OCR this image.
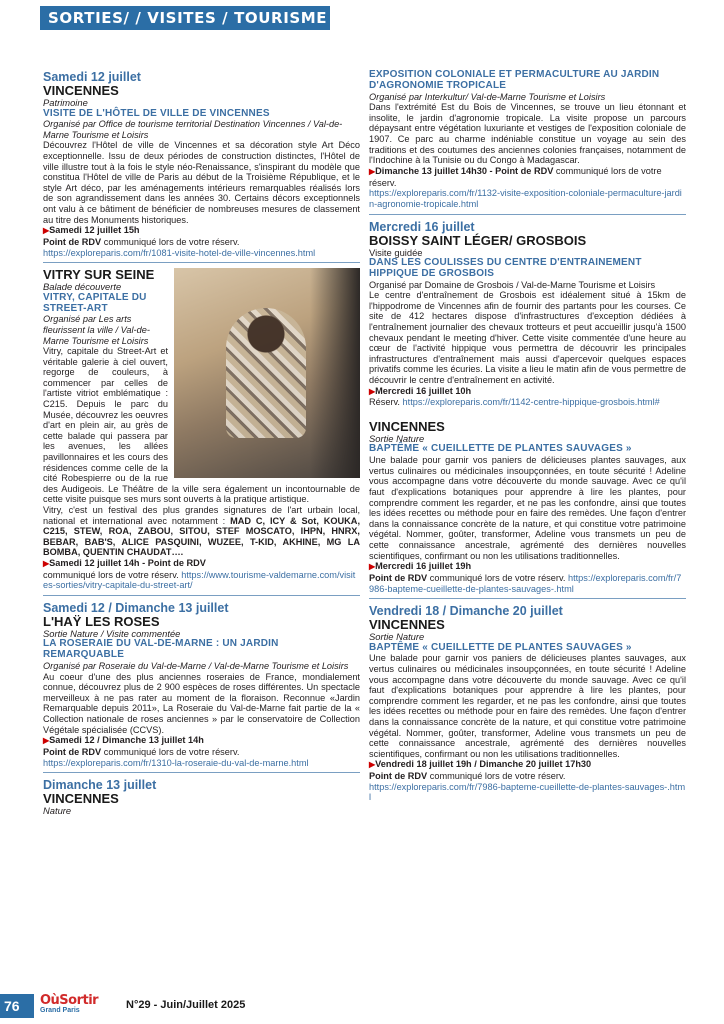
SORTIES/ / VISITES / TOURISME
Samedi 12 juillet
VINCENNES
Patrimoine
VISITE DE L'HÔTEL DE VILLE DE VINCENNES
Organisé par Office de tourisme territorial Destination Vincennes / Val-de-Marne Tourisme et Loisirs
Découvrez l'Hôtel de ville de Vincennes et sa décoration style Art Déco exceptionnelle. Issu de deux périodes de construction distinctes, l'Hôtel de ville illustre tout à la fois le style néo-Renaissance, s'inspirant du modèle que constitua l'Hôtel de ville de Paris au début de la Troisième République, et le style Art déco, par les aménagements intérieurs remarquables réalisés lors de son agrandissement dans les années 30. Certains décors exceptionnels ont valu à ce bâtiment de bénéficier de nombreuses mesures de classement au titre des Monuments historiques.
▶Samedi 12 juillet 15h
Point de RDV communiqué lors de votre réserv.
https://exploreparis.com/fr/1081-visite-hotel-de-ville-vincennes.html
VITRY SUR SEINE
Balade découverte
VITRY, CAPITALE DU STREET-ART
Organisé par Les arts fleurissent la ville / Val-de-Marne Tourisme et Loisirs
Vitry, capitale du Street-Art et véritable galerie à ciel ouvert, regorge de couleurs, à commencer par celles de l'artiste vitriot emblématique : C215. Depuis le parc du Musée, découvrez les oeuvres d'art en plein air, au grès de cette balade qui passera par les avenues, les allées pavillonnaires et les cours des résidences comme celle de la cité Robespierre ou de la rue des Audigeois. Le Théâtre de la ville sera également un incontournable de cette visite puisque ses murs sont ouverts à la pratique artistique.
Vitry, c'est un festival des plus grandes signatures de l'art urbain local, national et international avec notamment : MAD C, ICY & Sot, KOUKA, C215, STEW, ROA, ZABOU, SITOU, STEF MOSCATO, IHPN, HNRX, BEBAR, BAB'S, ALICE PASQUINI, WUZEE, T-KID, AKHINE, MG LA BOMBA, QUENTIN CHAUDAT….
▶Samedi 12 juillet 14h - Point de RDV
communiqué lors de votre réserv. https://www.tourisme-valdemarne.com/visites-sorties/vitry-capitale-du-street-art/
Samedi 12 / Dimanche 13 juillet
L'HAŸ LES ROSES
Sortie Nature / Visite commentée
LA ROSERAIE DU VAL-DE-MARNE : UN JARDIN REMARQUABLE
Organisé par Roseraie du Val-de-Marne / Val-de-Marne Tourisme et Loisirs
Au coeur d'une des plus anciennes roseraies de France, mondialement connue, découvrez plus de 2 900 espèces de roses différentes. Un spectacle merveilleux à ne pas rater au moment de la floraison. Reconnue «Jardin Remarquable depuis 2011», La Roseraie du Val-de-Marne fait partie de la « Collection nationale de roses anciennes » par le conservatoire de Collection Végétale spécialisée (CCVS).
▶Samedi 12 / Dimanche 13 juillet 14h
Point de RDV communiqué lors de votre réserv.
https://exploreparis.com/fr/1310-la-roseraie-du-val-de-marne.html
Dimanche 13 juillet
VINCENNES
Nature
EXPOSITION COLONIALE ET PERMACULTURE AU JARDIN D'AGRONOMIE TROPICALE
Organisé par Interkultur/ Val-de-Marne Tourisme et Loisirs
Dans l'extrémité Est du Bois de Vincennes, se trouve un lieu étonnant et insolite, le jardin d'agronomie tropicale. La visite propose un parcours dépaysant entre végétation luxuriante et vestiges de l'exposition coloniale de 1907. Ce parc au charme indéniable constitue un voyage au sein des traditions et des coutumes des anciennes colonies françaises, notamment de l'Indochine à la Tunisie ou du Congo à Madagascar.
▶Dimanche 13 juillet 14h30 - Point de RDV communiqué lors de votre réserv.
https://exploreparis.com/fr/1132-visite-exposition-coloniale-permaculture-jardin-agronomie-tropicale.html
Mercredi 16 juillet
BOISSY SAINT LÉGER/ GROSBOIS
Visite guidée
DANS LES COULISSES DU CENTRE D'ENTRAINEMENT HIPPIQUE DE GROSBOIS
Organisé par Domaine de Grosbois / Val-de-Marne Tourisme et Loisirs
Le centre d'entraînement de Grosbois est idéalement situé à 15km de l'hippodrome de Vincennes afin de fournir des partants pour les courses. Ce site de 412 hectares dispose d'infrastructures d'exception dédiées à l'entraînement journalier des chevaux trotteurs et peut accueillir jusqu'à 1500 chevaux pendant le meeting d'hiver. Cette visite commentée d'une heure au cœur de l'activité hippique vous permettra de découvrir les principales infrastructures d'entraînement mais aussi d'apercevoir quelques espaces privatifs comme les écuries. La visite a lieu le matin afin de vous permettre de découvrir le centre d'entraînement en activité.
▶Mercredi 16 juillet 10h
Réserv. https://exploreparis.com/fr/1142-centre-hippique-grosbois.html#
VINCENNES
Sortie Nature
BAPTÊME « CUEILLETTE DE PLANTES SAUVAGES »
Une balade pour garnir vos paniers de délicieuses plantes sauvages, aux vertus culinaires ou médicinales insoupçonnées, en toute sécurité ! Adeline vous accompagne dans votre découverte du monde sauvage. Avec ce qu'il faut d'explications botaniques pour apprendre à lire les plantes, pour comprendre comment les regarder, et ne pas les confondre, ainsi que toutes les idées recettes ou méthode pour en faire des remèdes. Une façon d'entrer dans la connaissance concrète de la nature, et qui constitue votre patrimoine végétal. Nommer, goûter, transformer, Adeline vous transmets un peu de cette connaissance ancestrale, agrémenté des dernières nouvelles scientifiques, confirmant ou non les utilisations traditionnelles.
▶Mercredi 16 juillet 19h
Point de RDV communiqué lors de votre réserv. https://exploreparis.com/fr/7986-bapteme-cueillette-de-plantes-sauvages-.html
Vendredi 18 / Dimanche 20 juillet
VINCENNES
Sortie Nature
BAPTÊME « CUEILLETTE DE PLANTES SAUVAGES »
Une balade pour garnir vos paniers de délicieuses plantes sauvages, aux vertus culinaires ou médicinales insoupçonnées, en toute sécurité ! Adeline vous accompagne dans votre découverte du monde sauvage. Avec ce qu'il faut d'explications botaniques pour apprendre à lire les plantes, pour comprendre comment les regarder, et ne pas les confondre, ainsi que toutes les idées recettes ou méthode pour en faire des remèdes. Une façon d'entrer dans la connaissance concrète de la nature, et qui constitue votre patrimoine végétal. Nommer, goûter, transformer, Adeline vous transmets un peu de cette connaissance ancestrale, agrémenté des dernières nouvelles scientifiques, confirmant ou non les utilisations traditionnelles.
▶Vendredi 18 juillet 19h / Dimanche 20 juillet 17h30
Point de RDV communiqué lors de votre réserv.
https://exploreparis.com/fr/7986-bapteme-cueillette-de-plantes-sauvages-.html
76	OùSortir
Grand Paris	N°29 - Juin/Juillet 2025
